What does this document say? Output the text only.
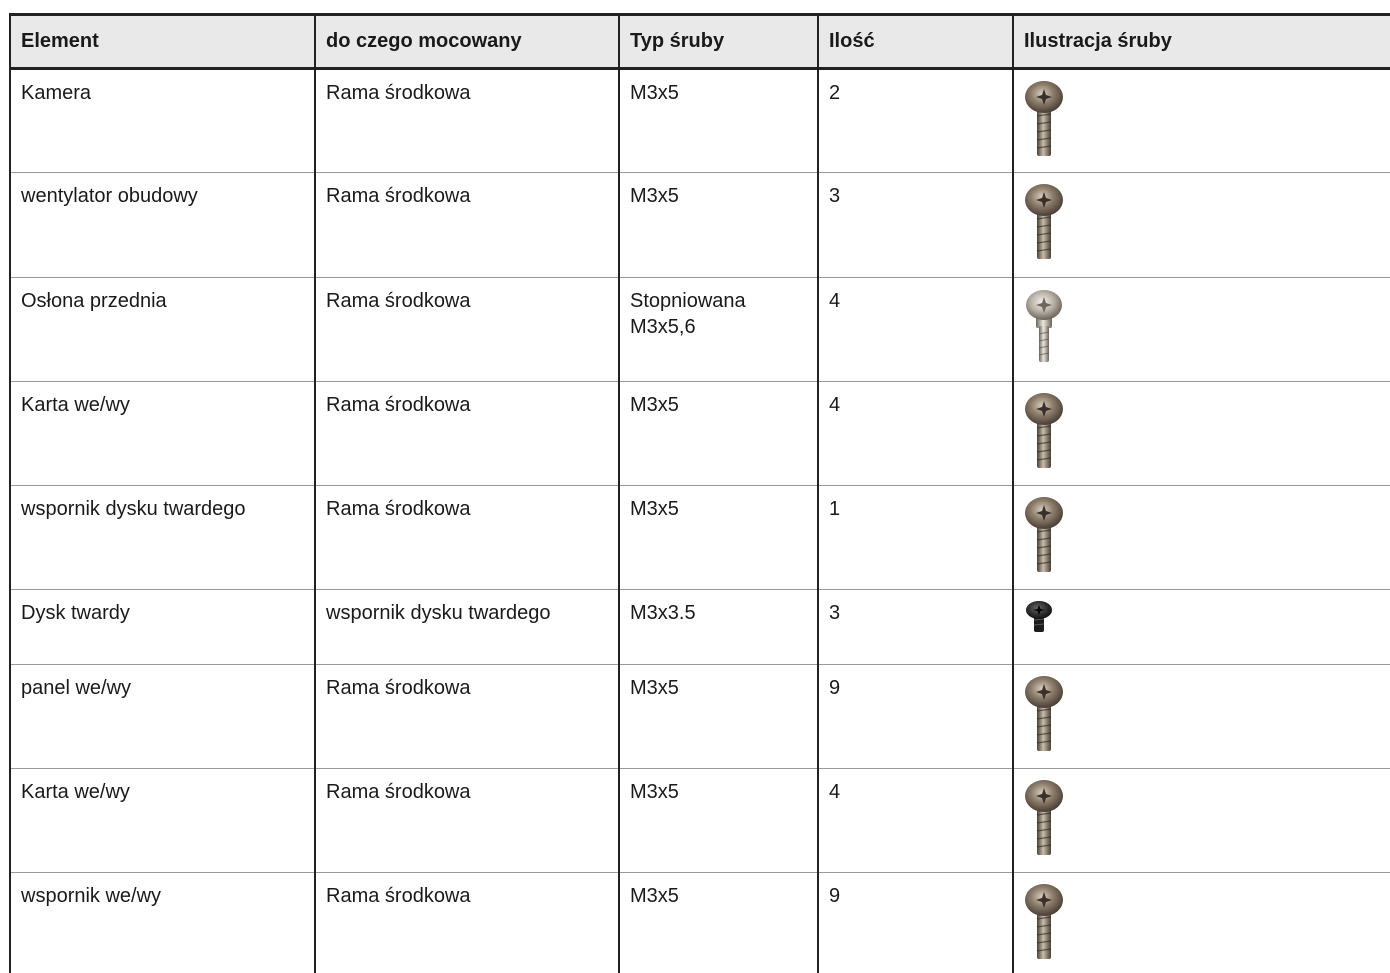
Element	do czego mocowany	Typ śruby	Ilość	Ilustracja śruby
Kamera	Rama środkowa	M3x5	2	

wentylator obudowy	Rama środkowa	M3x5	3	

Osłona przednia	Rama środkowa	Stopniowana M3x5,6	4	

Karta we/wy	Rama środkowa	M3x5	4	

wspornik dysku twardego	Rama środkowa	M3x5	1	

Dysk twardy	wspornik dysku twardego	M3x3.5	3	

panel we/wy	Rama środkowa	M3x5	9	

Karta we/wy	Rama środkowa	M3x5	4	

wspornik we/wy	Rama środkowa	M3x5	9	
